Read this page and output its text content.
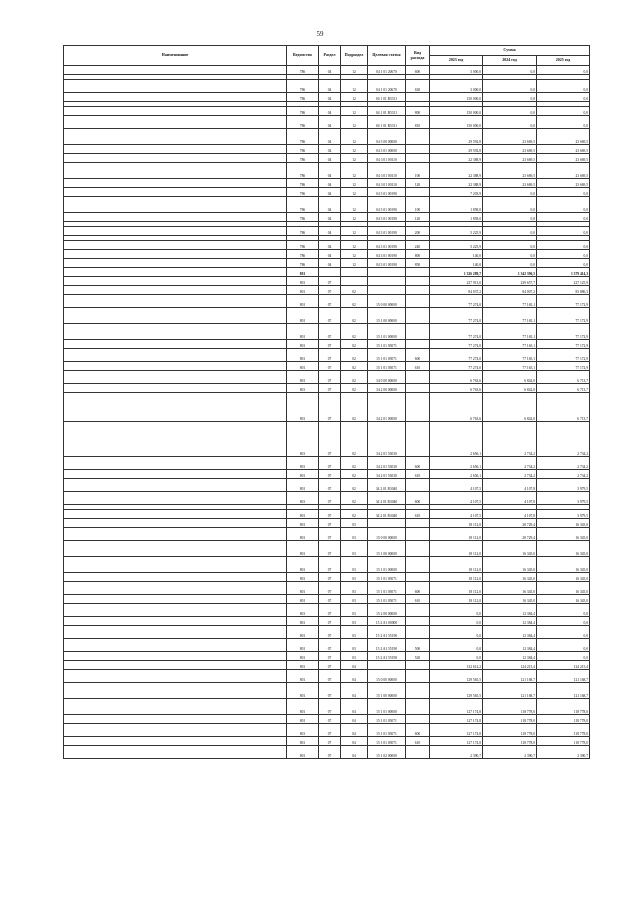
59
Наименование	Ведомство	Раздел	Подраздел	Целевая статья	Вид расхода	Сумма		
						2023 год	2024 год	2025 год
	786	04	12	04 1 01 20670	600	3 000,0	0,0	0,0

	786	04	12	04 1 01 20670	630	3 000,0	0,0	0,0
	786	04	12	04 1 01 R5311		150 000,0	0,0	0,0

	786	04	12	04 1 01 R5311	800	150 000,0	0,0	0,0
	786	04	12	04 1 01 R5311	810	150 000,0	0,0	0,0
	786	04	12	04 3 00 00000		29 592,8	23 669,5	23 669,5
	786	04	12	04 3 01 00000		29 592,8	23 669,5	23 669,5
	786	04	12	04 3 01 00110		22 388,9	23 669,5	23 669,5
	786	04	12	04 3 01 00110	100	22 388,9	23 669,5	23 669,5
	786	04	12	04 3 01 00110	120	22 388,9	23 669,5	23 669,5
	786	04	12	04 3 01 00190		7 203,9	0,0	0,0
	786	04	12	04 3 01 00190	100	1 858,0	0,0	0,0
	786	04	12	04 3 01 00190	120	1 858,0	0,0	0,0

	786	04	12	04 3 01 00190	200	5 225,9	0,0	0,0

	786	04	12	04 3 01 00190	240	5 225,9	0,0	0,0
	786	04	12	04 3 01 00190	800	140,0	0,0	0,0
	786	04	12	04 3 01 00190	850	140,0	0,0	0,0
	801					1 326 289,7	1 342 396,5	1 379 414,3
	801	07				237 913,0	239 657,7	227 125,9
	801	07	02			84 037,2	84 007,2	83 886,3
	801	07	02	15 0 00 00000		77 274,0	77 165,1	77 172,9
	801	07	02	15 1 00 00000		77 274,0	77 165,1	77 172,9
	801	07	02	15 1 01 00000		77 274,0	77 165,1	77 172,9
	801	07	02	15 1 01 05071		77 274,0	77 165,1	77 172,9
	801	07	02	15 1 01 05071	600	77 274,0	77 165,1	77 172,9
	801	07	02	15 1 01 05071	610	77 274,0	77 165,1	77 172,9
	801	07	02	34 0 00 00000		6 763,6	6 842,0	6 713,7
	801	07	02	34 2 00 00000		6 763,6	6 842,0	6 713,7
	801	07	02	34 2 01 00000		6 763,6	6 842,0	6 713,7
	801	07	02	34 2 01 53030		2 656,1	2 734,2	2 734,2
	801	07	02	34 2 01 53030	600	2 656,1	2 734,2	2 734,2
	801	07	02	34 2 01 53030	610	2 656,1	2 734,2	2 734,2
	801	07	02	34 2 01 R3040		4 107,5	4 107,8	3 979,5
	801	07	02	34 2 01 R3040	600	4 107,5	4 107,8	3 979,5

	801	07	02	34 2 01 R3040	610	4 107,5	4 107,8	3 979,5
	801	07	03			18 112,0	28 729,4	16 345,0
	801	07	03	15 0 00 00000		18 112,0	28 729,4	16 345,0
	801	07	03	15 1 00 00000		18 112,0	16 345,0	16 345,0
	801	07	03	15 1 01 00000		18 112,0	16 345,0	16 345,0
	801	07	03	15 1 01 05071		18 112,0	16 345,0	16 345,0
	801	07	03	15 1 01 05071	600	18 112,0	16 345,0	16 345,0
	801	07	03	15 1 01 05071	610	18 112,0	16 345,0	16 345,0
	801	07	03	15 2 00 00000		0,0	12 384,4	0,0
	801	07	03	15 2 A1 00000		0,0	12 384,4	0,0
	801	07	03	15 2 A1 55190		0,0	12 384,4	0,0
	801	07	03	15 2 A1 55190	500	0,0	12 384,4	0,0
	801	07	03	15 2 A1 55190	520	0,0	12 384,4	0,0
	801	07	04			132 612,2	124 215,4	124 215,4
	801	07	04	15 0 00 00000		129 565,5	121 168,7	121 168,7
	801	07	04	15 1 00 00000		129 565,5	121 168,7	121 168,7
	801	07	04	15 1 01 00000		127 174,8	118 778,0	118 778,0
	801	07	04	15 1 01 05071		127 174,8	118 778,0	118 778,0
	801	07	04	15 1 01 05071	600	127 174,8	118 778,0	118 778,0
	801	07	04	15 1 01 05071	610	127 174,8	118 778,0	118 778,0
	801	07	04	15 1 02 00000		2 390,7	2 390,7	2 390,7
